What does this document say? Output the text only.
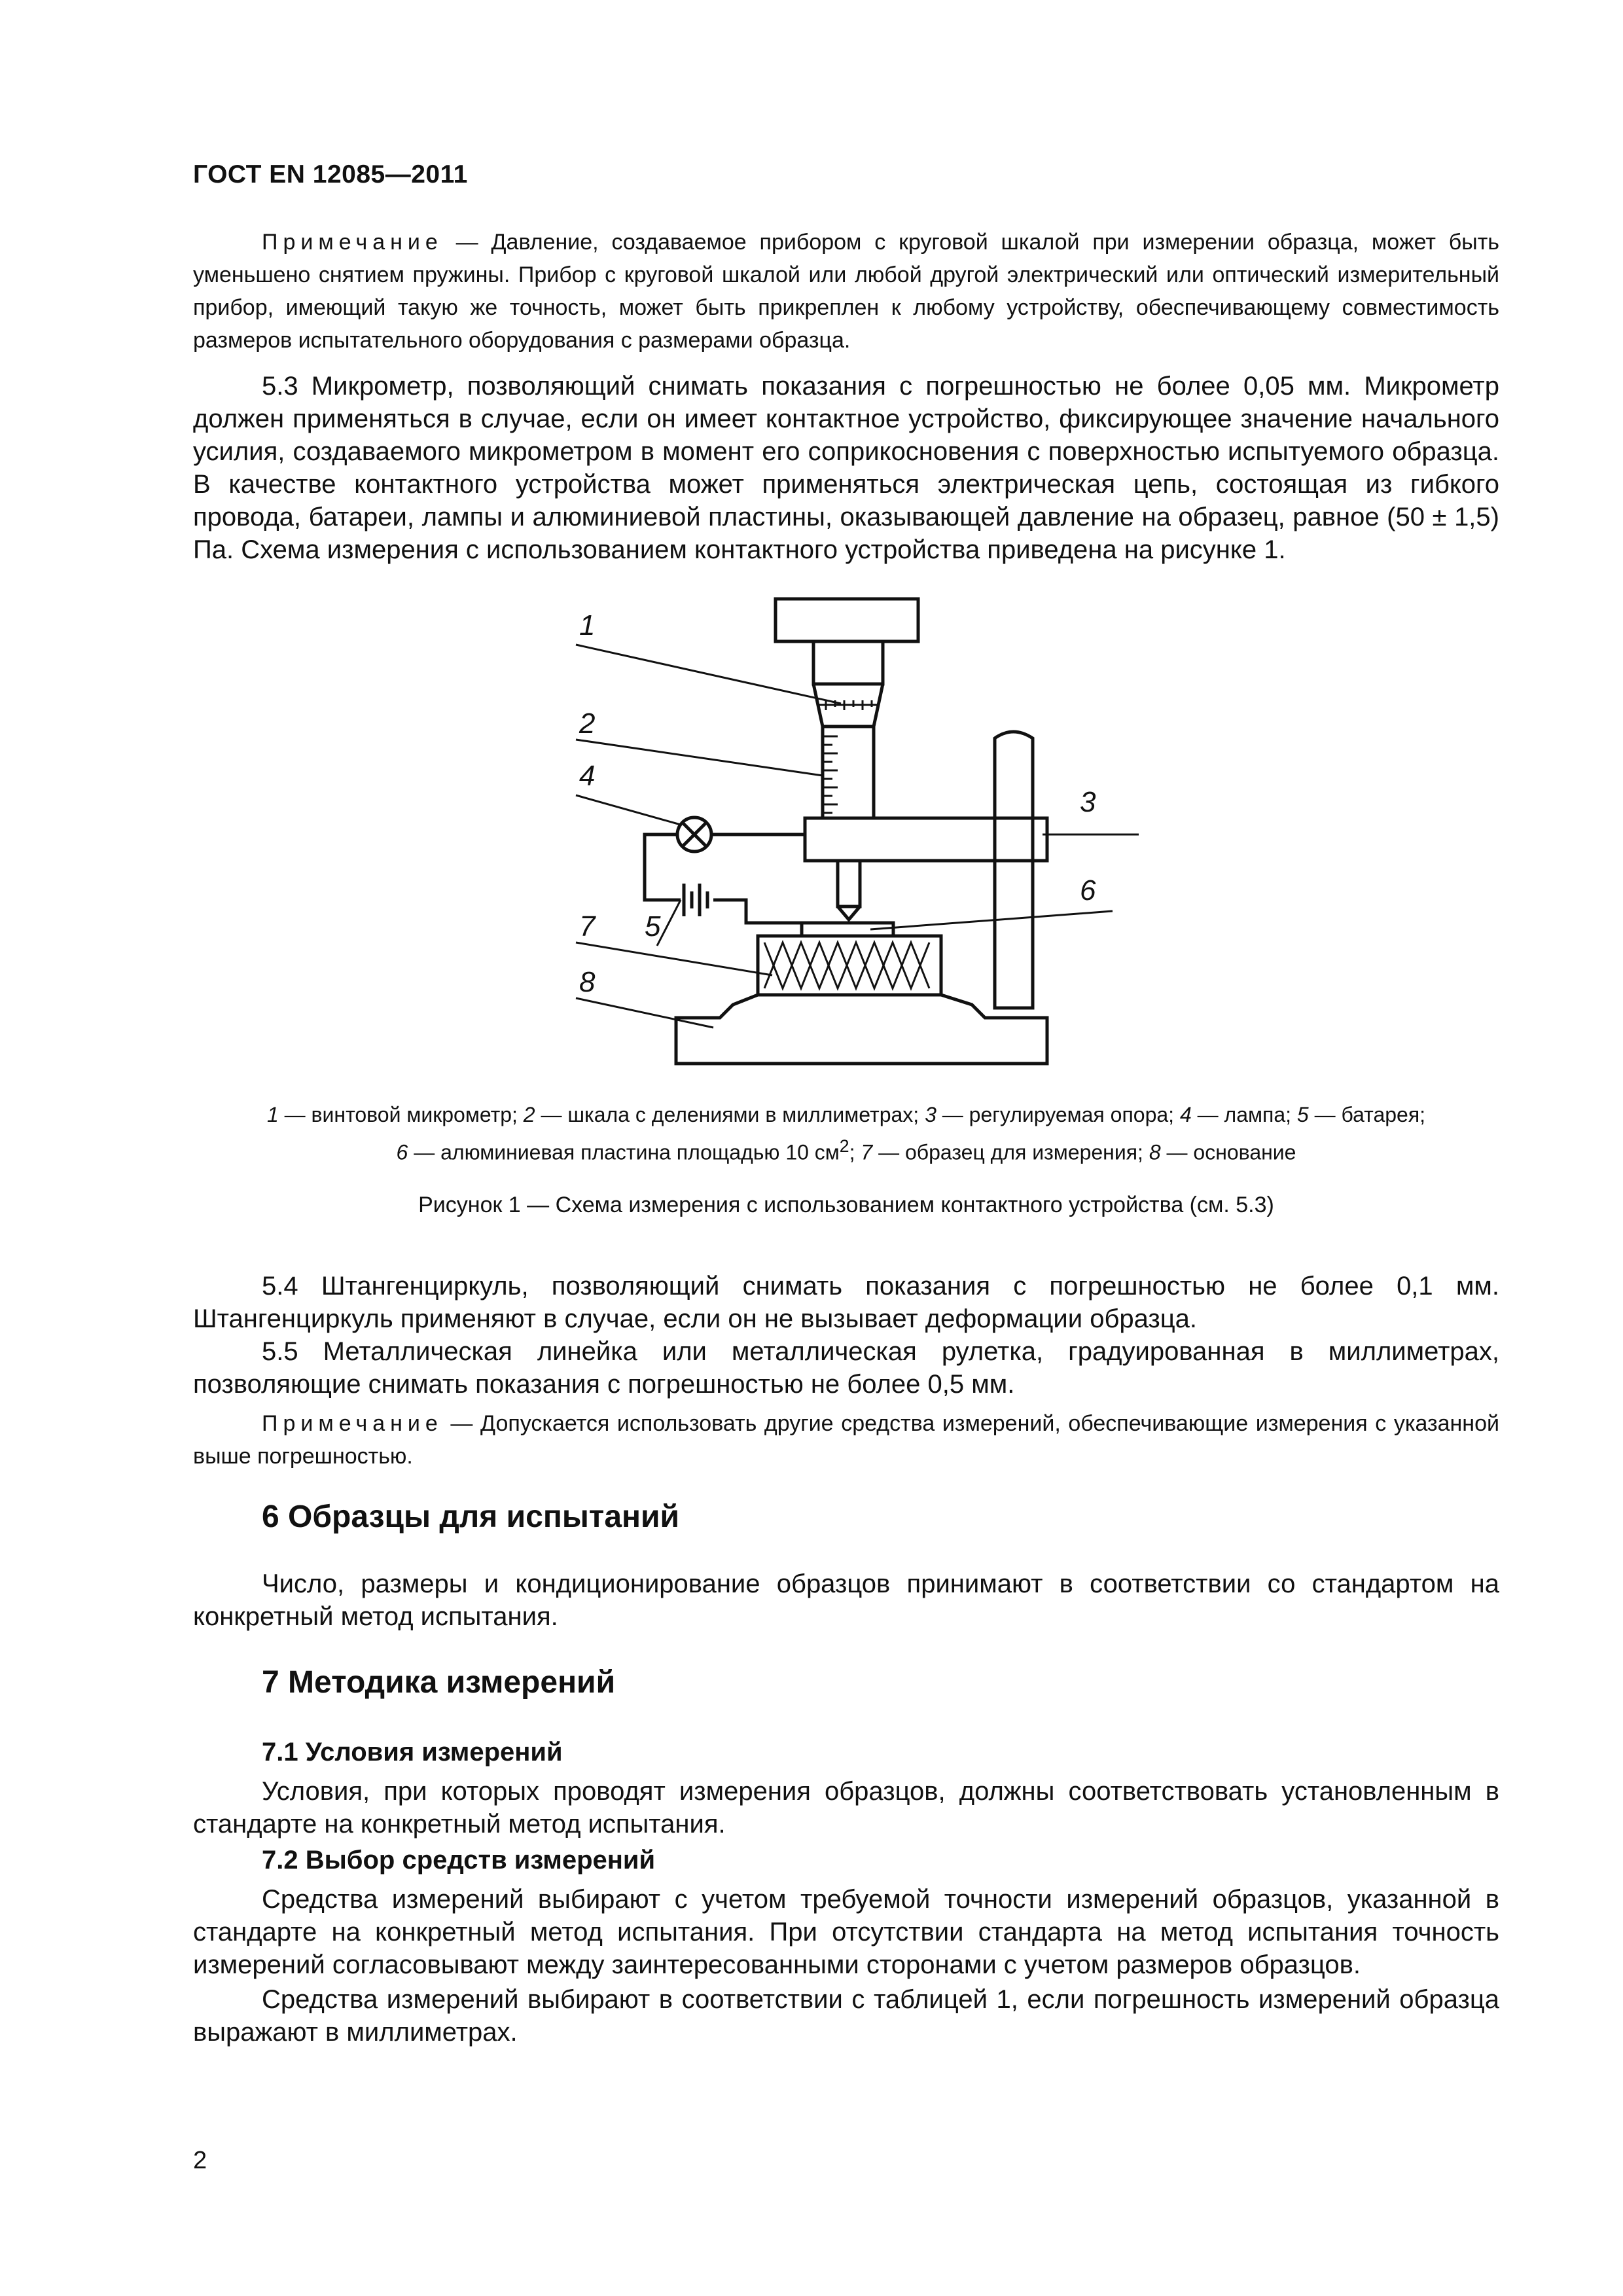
ГОСТ EN 12085—2011
Примечание — Давление, создаваемое прибором с круговой шкалой при измерении образца, может быть уменьшено снятием пружины. Прибор с круговой шкалой или любой другой электрический или оптический измерительный прибор, имеющий такую же точность, может быть прикреплен к любому устройству, обеспечивающему совместимость размеров испытательного оборудования с размерами образца.
5.3 Микрометр, позволяющий снимать показания с погрешностью не более 0,05 мм. Микрометр должен применяться в случае, если он имеет контактное устройство, фиксирующее значение начального усилия, создаваемого микрометром в момент его соприкосновения с поверхностью испытуемого образца. В качестве контактного устройства может применяться электрическая цепь, состоящая из гибкого провода, батареи, лампы и алюминиевой пластины, оказывающей давление на образец, равное (50 ± 1,5) Па. Схема измерения с использованием контактного устройства приведена на рисунке 1.
1
2
3
4
5
6
7
8
1 — винтовой микрометр; 2 — шкала с делениями в миллиметрах; 3 — регулируемая опора; 4 — лампа; 5 — батарея;
6 — алюминиевая пластина площадью 10 $см^2$; 7 — образец для измерения; 8 — основание
Рисунок 1 — Схема измерения с использованием контактного устройства (см. 5.3)
5.4 Штангенциркуль, позволяющий снимать показания с погрешностью не более 0,1 мм. Штангенциркуль применяют в случае, если он не вызывает деформации образца.
5.5 Металлическая линейка или металлическая рулетка, градуированная в миллиметрах, позволяющие снимать показания с погрешностью не более 0,5 мм.
Примечание — Допускается использовать другие средства измерений, обеспечивающие измерения с указанной выше погрешностью.
6 Образцы для испытаний
Число, размеры и кондиционирование образцов принимают в соответствии со стандартом на конкретный метод испытания.
7 Методика измерений
7.1 Условия измерений
Условия, при которых проводят измерения образцов, должны соответствовать установленным в стандарте на конкретный метод испытания.
7.2 Выбор средств измерений
Средства измерений выбирают с учетом требуемой точности измерений образцов, указанной в стандарте на конкретный метод испытания. При отсутствии стандарта на метод испытания точность измерений согласовывают между заинтересованными сторонами с учетом размеров образцов.
Средства измерений выбирают в соответствии с таблицей 1, если погрешность измерений образца выражают в миллиметрах.
2
